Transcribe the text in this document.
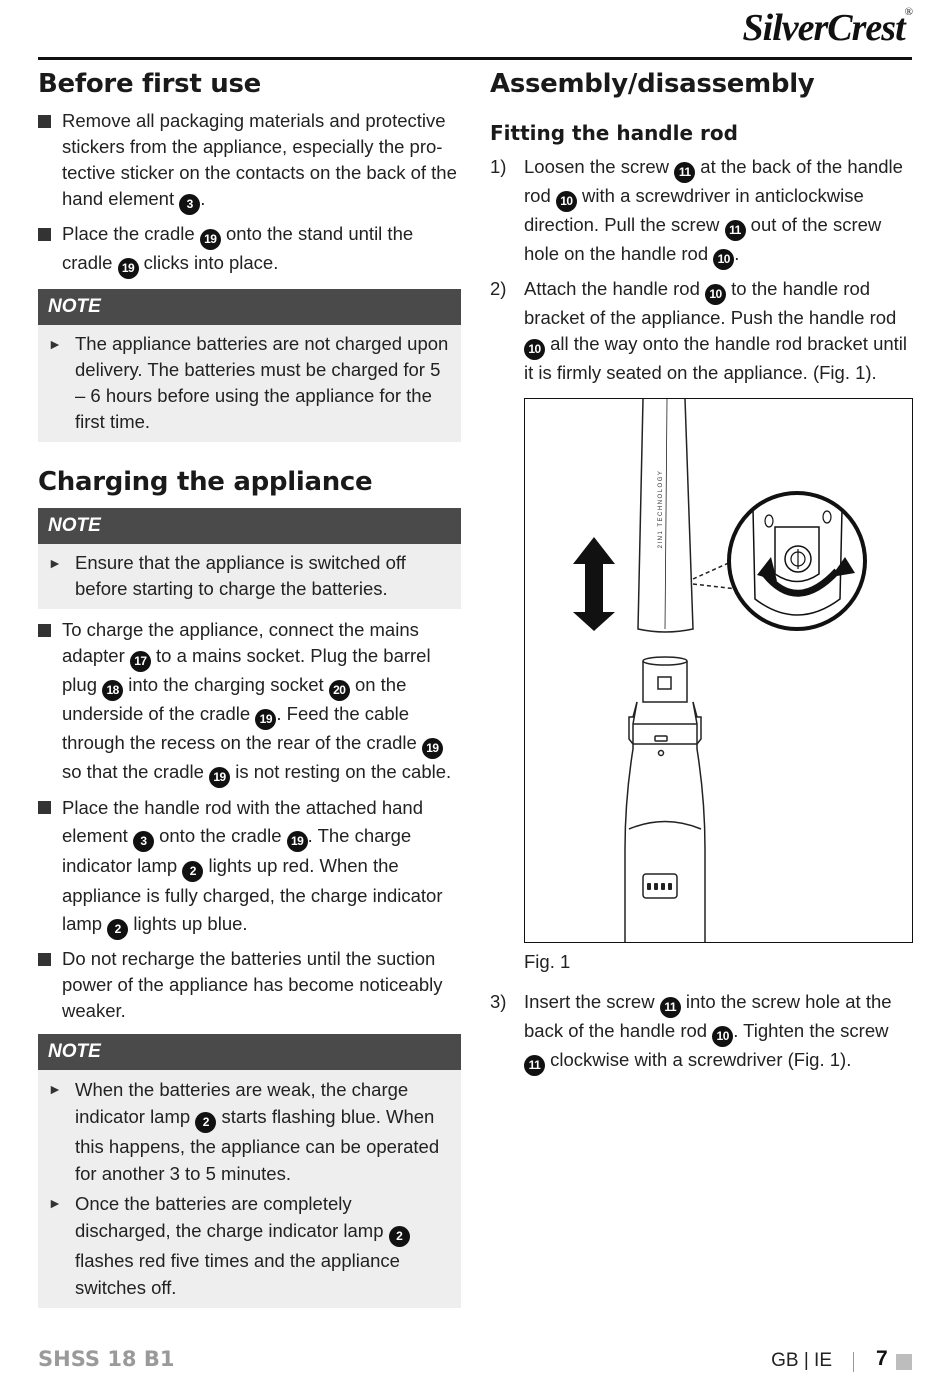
SilverCrest®
Before first use
Remove all packaging materials and protective stickers from the appliance, especially the pro-tective sticker on the contacts on the back of the hand element 3 .
Place the cradle 19 onto the stand until the cradle 19 clicks into place.
NOTE
► The appliance batteries are not charged upon delivery. The batteries must be charged for 5 – 6 hours before using the appliance for the first time.
Charging the appliance
NOTE
► Ensure that the appliance is switched off before starting to charge the batteries.
To charge the appliance, connect the mains adapter 17 to a mains socket. Plug the barrel plug 18 into the charging socket 20 on the underside of the cradle 19 . Feed the cable through the recess on the rear of the cradle 19 so that the cradle 19 is not resting on the cable.
Place the handle rod with the attached hand element 3 onto the cradle 19 . The charge indicator lamp 2 lights up red. When the appliance is fully charged, the charge indicator lamp 2 lights up blue.
Do not recharge the batteries until the suction power of the appliance has become noticeably weaker.
NOTE
► When the batteries are weak, the charge indicator lamp 2 starts flashing blue. When this happens, the appliance can be operated for another 3 to 5 minutes.
► Once the batteries are completely discharged, the charge indicator lamp 2 flashes red five times and the appliance switches off.
Assembly/disassembly
Fitting the handle rod
1) Loosen the screw 11 at the back of the handle rod 10 with a screwdriver in anticlockwise direction. Pull the screw 11 out of the screw hole on the handle rod 10 .
2) Attach the handle rod 10 to the handle rod bracket of the appliance. Push the handle rod 10 all the way onto the handle rod bracket until it is firmly seated on the appliance. (Fig. 1).
2IN1 TECHNOLOGY
Fig. 1
3) Insert the screw 11 into the screw hole at the back of the handle rod 10 . Tighten the screw 11 clockwise with a screwdriver (Fig. 1).
SHSS 18 B1	GB | IE 7
